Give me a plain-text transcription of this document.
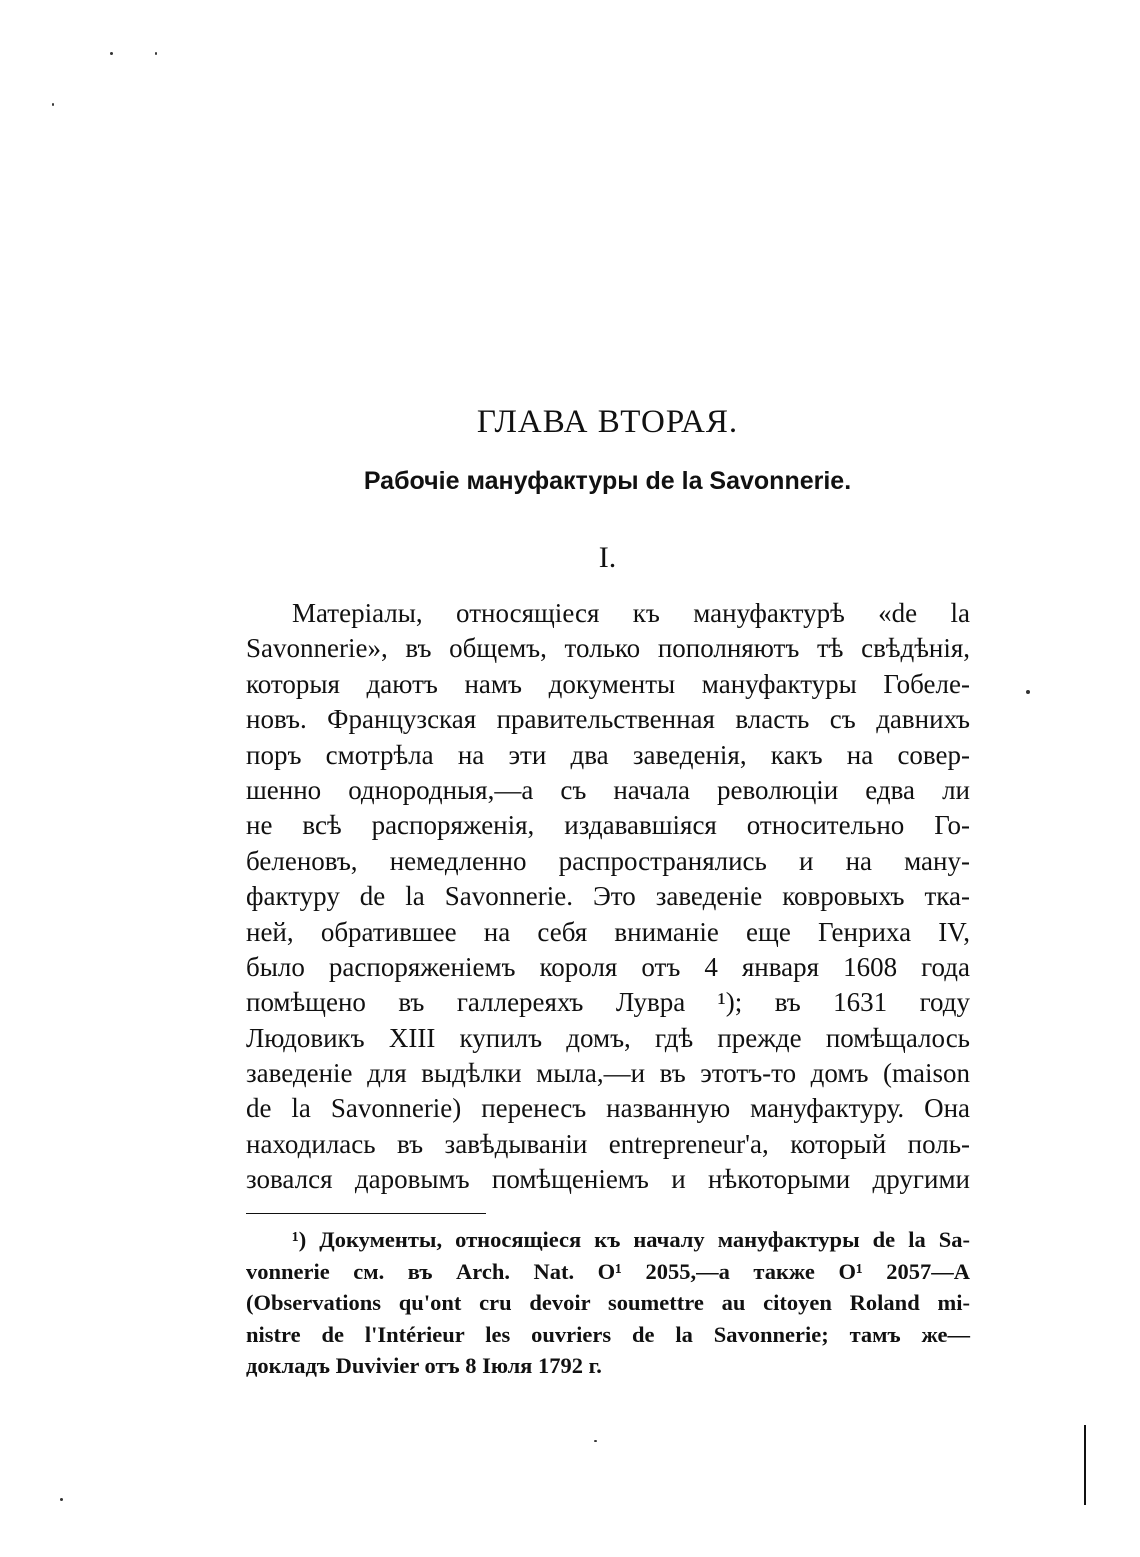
ГЛАВА ВТОРАЯ.
Рабочіе мануфактуры de la Savonnerie.
I.
Матеріалы, относящіеся къ мануфактурѣ «de la
Savonnerie», въ общемъ, только пополняютъ тѣ свѣдѣнія,
которыя даютъ намъ документы мануфактуры Гобеле-
новъ. Французская правительственная власть съ давнихъ
поръ смотрѣла на эти два заведенія, какъ на совер-
шенно однородныя,—а съ начала революціи едва ли
не всѣ распоряженія, издававшіяся относительно Го-
беленовъ, немедленно распространялись и на ману-
фактуру de la Savonnerie. Это заведеніе ковровыхъ тка-
ней, обратившее на себя вниманіе еще Генриха IV,
было распоряженіемъ короля отъ 4 января 1608 года
помѣщено въ галлереяхъ Лувра ¹); въ 1631 году
Людовикъ XIII купилъ домъ, гдѣ прежде помѣщалось
заведеніе для выдѣлки мыла,—и въ этотъ-то домъ (maison
de la Savonnerie) перенесъ названную мануфактуру. Она
находилась въ завѣдываніи entrepreneur'а, который поль-
зовался даровымъ помѣщеніемъ и нѣкоторыми другими
¹) Документы, относящіеся къ началу мануфактуры de la Sa-
vonnerie см. въ Arch. Nat. O¹ 2055,—а также O¹ 2057—A
(Observations qu'ont cru devoir soumettre au citoyen Roland mi-
nistre de l'Intérieur les ouvriers de la Savonnerie; тамъ же—
докладъ Duvivier отъ 8 Іюля 1792 г.
